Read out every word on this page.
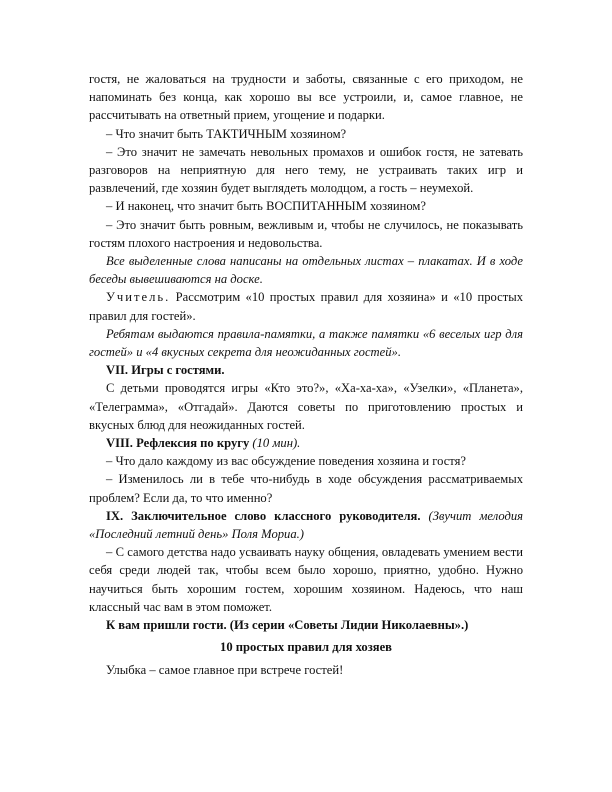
гостя, не жаловаться на трудности и заботы, связанные с его приходом, не напоминать без конца, как хорошо вы все устроили, и, самое главное, не рассчитывать на ответный прием, угощение и подарки.

– Что значит быть ТАКТИЧНЫМ хозяином?

– Это значит не замечать невольных промахов и ошибок гостя, не затевать разговоров на неприятную для него тему, не устраивать таких игр и развлечений, где хозяин будет выглядеть молодцом, а гость – неумехой.

– И наконец, что значит быть ВОСПИТАННЫМ хозяином?

– Это значит быть ровным, вежливым и, чтобы не случилось, не показывать гостям плохого настроения и недовольства.

Все выделенные слова написаны на отдельных листах – плакатах. И в ходе беседы вывешиваются на доске.

Учитель. Рассмотрим «10 простых правил для хозяина» и «10 простых правил для гостей».

Ребятам выдаются правила-памятки, а также памятки «6 веселых игр для гостей» и «4 вкусных секрета для неожиданных гостей».

VII. Игры с гостями.

С детьми проводятся игры «Кто это?», «Ха-ха-ха», «Узелки», «Планета», «Телеграмма», «Отгадай». Даются советы по приготовлению простых и вкусных блюд для неожиданных гостей.

VIII. Рефлексия по кругу (10 мин).

– Что дало каждому из вас обсуждение поведения хозяина и гостя?

– Изменилось ли в тебе что-нибудь в ходе обсуждения рассматриваемых проблем? Если да, то что именно?

IX. Заключительное слово классного руководителя. (Звучит мелодия «Последний летний день» Поля Мориа.)

– С самого детства надо усваивать науку общения, овладевать умением вести себя среди людей так, чтобы всем было хорошо, приятно, удобно. Нужно научиться быть хорошим гостем, хорошим хозяином. Надеюсь, что наш классный час вам в этом поможет.

К вам пришли гости. (Из серии «Советы Лидии Николаевны».)

10 простых правил для хозяев

Улыбка – самое главное при встрече гостей!
